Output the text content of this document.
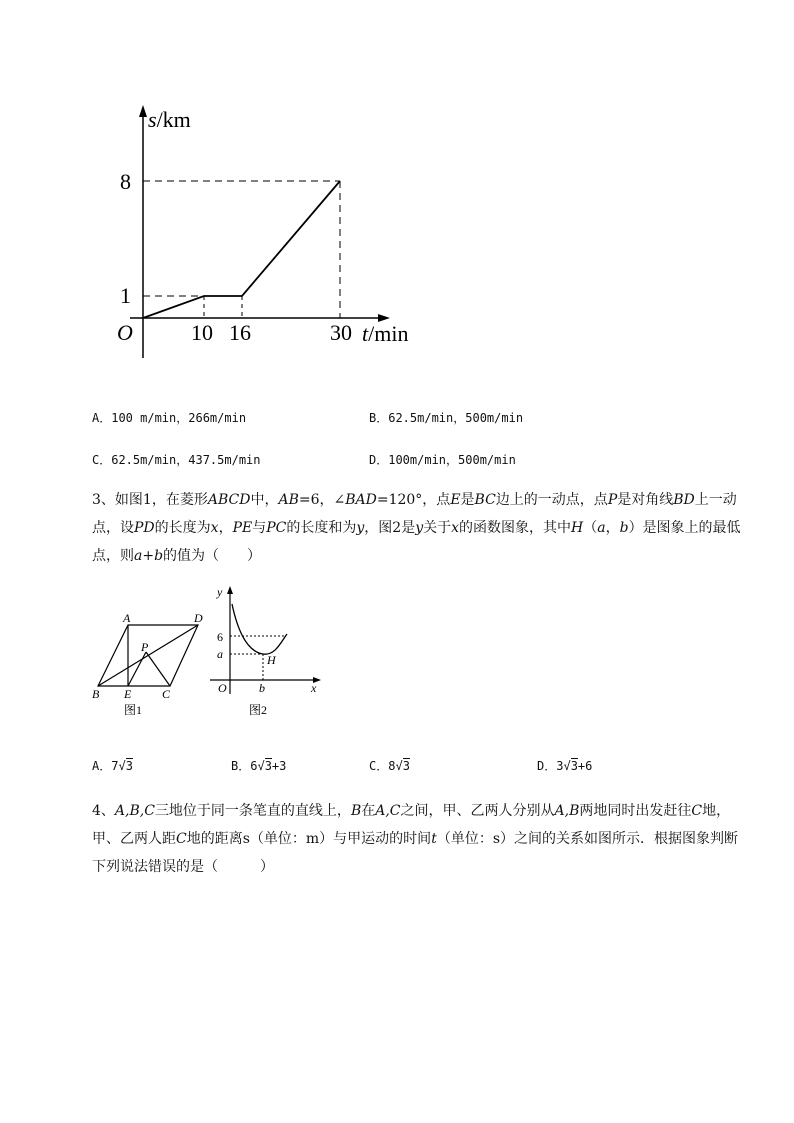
s/km
8
1
O	10 16	30 t/min
A．100 m/min，266m/min	B．62.5m/min，500m/min
C．62.5m/min，437.5m/min	D．100m/min，500m/min
3、如图1，在菱形ABCD中，AB=6，∠BAD=120°，点E是BC边上的一动点，点P是对角线BD上一动点，设PD的长度为x，PE与PC的长度和为y，图2是y关于x的函数图象，其中H（a，b）是图象上的最低点，则a+b的值为（　　）
A	D
P
B E	C
图1
y
6
a	H
O	b	x
图2
A．7√3	B．6√3+3	C．8√3	D．3√3+6
4、A,B,C三地位于同一条笔直的直线上，B在A,C之间，甲、乙两人分别从A,B两地同时出发赶往C地，甲、乙两人距C地的距离s（单位：m）与甲运动的时间t（单位：s）之间的关系如图所示．根据图象判断下列说法错误的是（　　　）
